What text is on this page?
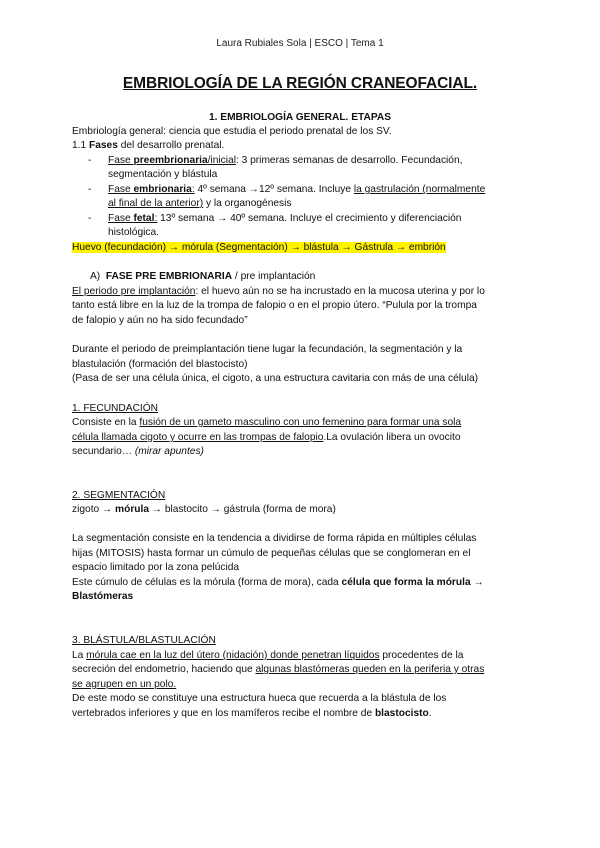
Laura Rubiales Sola | ESCO | Tema 1
EMBRIOLOGÍA DE LA REGIÓN CRANEOFACIAL.
1. EMBRIOLOGÍA GENERAL. ETAPAS
Embriología general: ciencia que estudia el periodo prenatal de los SV.
1.1 Fases del desarrollo prenatal.
- Fase preembrionaria/inicial: 3 primeras semanas de desarrollo. Fecundación,
segmentación y blástula
- Fase embrionaria: 4º semana →12º semana. Incluye la gastrulación (normalmente
al final de la anterior) y la organogénesis
- Fase fetal: 13º semana → 40º semana. Incluye el crecimiento y diferenciación
histológica.
Huevo (fecundación) → mórula (Segmentación) → blástula → Gástrula → embrión
A) FASE PRE EMBRIONARIA / pre implantación
El periodo pre implantación: el huevo aún no se ha incrustado en la mucosa uterina y por lo
tanto está libre en la luz de la trompa de falopio o en el propio útero. “Pulula por la trompa
de falopio y aún no ha sido fecundado”
Durante el periodo de preimplantación tiene lugar la fecundación, la segmentación y la
blastulación (formación del blastocisto)
(Pasa de ser una célula única, el cigoto, a una estructura cavitaria con más de una célula)
1. FECUNDACIÓN
Consiste en la fusión de un gameto masculino con uno femenino para formar una sola
célula llamada cigoto y ocurre en las trompas de falopio.La ovulación libera un ovocito
secundario… (mirar apuntes)
2. SEGMENTACIÓN
zigoto → mórula → blastocito → gástrula (forma de mora)
La segmentación consiste en la tendencia a dividirse de forma rápida en múltiples células
hijas (MITOSIS) hasta formar un cúmulo de pequeñas células que se conglomeran en el
espacio limitado por la zona pelúcida
Este cúmulo de células es la mórula (forma de mora), cada célula que forma la mórula →
Blastómeras
3. BLÁSTULA/BLASTULACIÓN
La mórula cae en la luz del útero (nidación) donde penetran líquidos procedentes de la
secreción del endometrio, haciendo que algunas blastómeras queden en la periferia y otras
se agrupen en un polo.
De este modo se constituye una estructura hueca que recuerda a la blástula de los
vertebrados inferiores y que en los mamíferos recibe el nombre de blastocisto.
